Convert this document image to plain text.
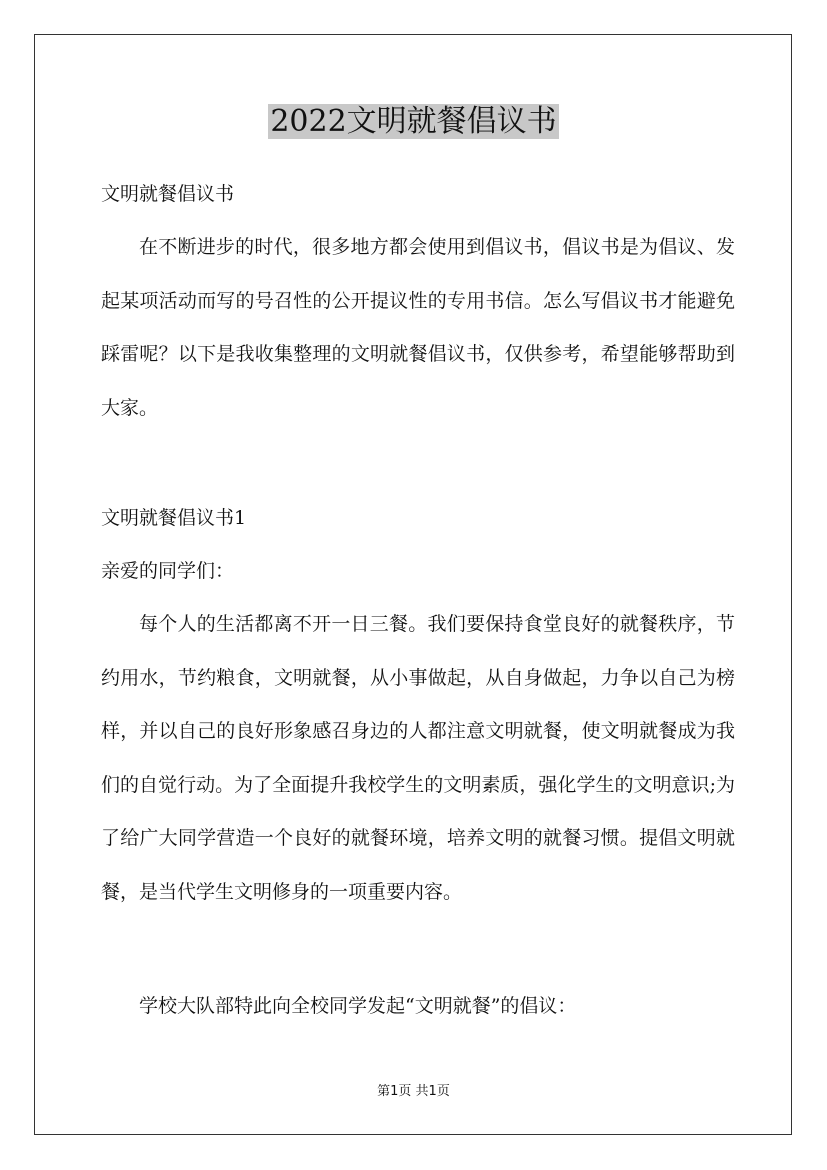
2022文明就餐倡议书
文明就餐倡议书

在不断进步的时代，很多地方都会使用到倡议书，倡议书是为倡议、发起某项活动而写的号召性的公开提议性的专用书信。怎么写倡议书才能避免踩雷呢？以下是我收集整理的文明就餐倡议书，仅供参考，希望能够帮助到大家。

文明就餐倡议书1
亲爱的同学们：

每个人的生活都离不开一日三餐。我们要保持食堂良好的就餐秩序，节约用水，节约粮食，文明就餐，从小事做起，从自身做起，力争以自己为榜样，并以自己的良好形象感召身边的人都注意文明就餐，使文明就餐成为我们的自觉行动。为了全面提升我校学生的文明素质，强化学生的文明意识;为了给广大同学营造一个良好的就餐环境，培养文明的就餐习惯。提倡文明就餐，是当代学生文明修身的一项重要内容。

学校大队部特此向全校同学发起“文明就餐”的倡议：

第1页 共1页
